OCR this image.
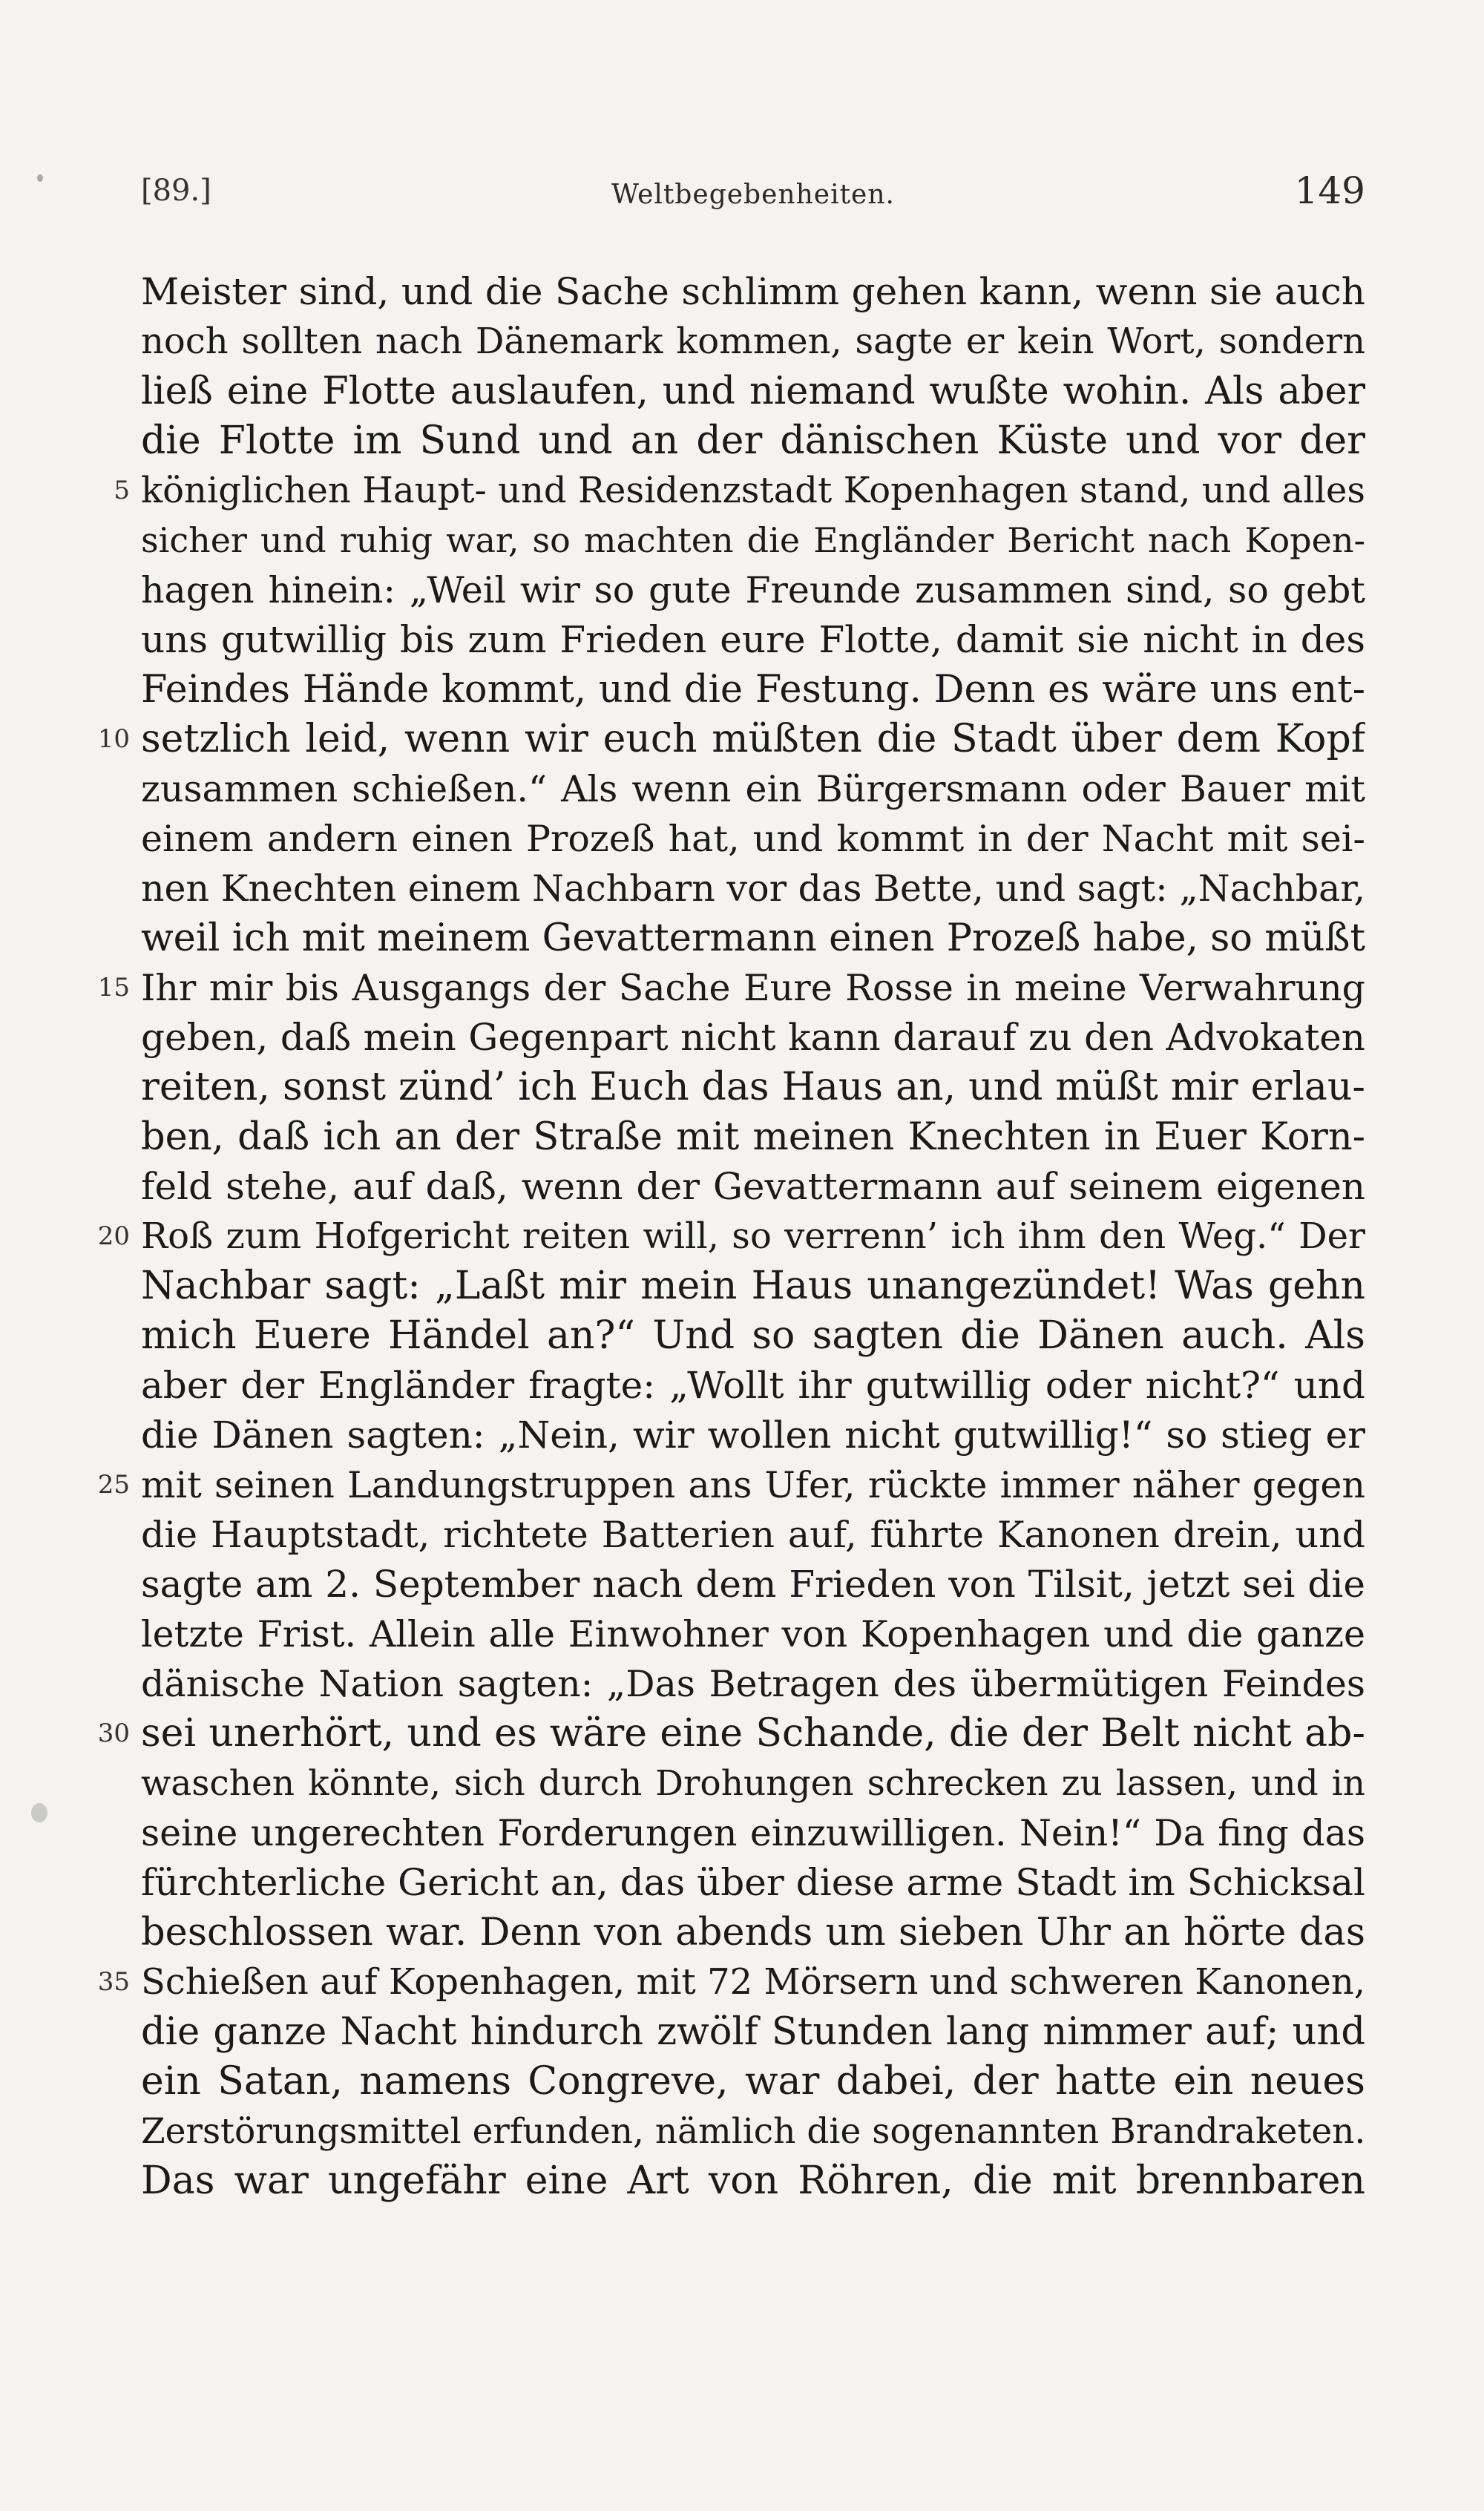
[89.]	Weltbegebenheiten.	149
Meister sind, und die Sache schlimm gehen kann, wenn sie auch
noch sollten nach Dänemark kommen, sagte er kein Wort, sondern
ließ eine Flotte auslaufen, und niemand wußte wohin. Als aber
die Flotte im Sund und an der dänischen Küste und vor der
5 königlichen Haupt- und Residenzstadt Kopenhagen stand, und alles
sicher und ruhig war, so machten die Engländer Bericht nach Kopen-
hagen hinein: „Weil wir so gute Freunde zusammen sind, so gebt
uns gutwillig bis zum Frieden eure Flotte, damit sie nicht in des
Feindes Hände kommt, und die Festung. Denn es wäre uns ent-
10 setzlich leid, wenn wir euch müßten die Stadt über dem Kopf
zusammen schießen.“ Als wenn ein Bürgersmann oder Bauer mit
einem andern einen Prozeß hat, und kommt in der Nacht mit sei-
nen Knechten einem Nachbarn vor das Bette, und sagt: „Nachbar,
weil ich mit meinem Gevattermann einen Prozeß habe, so müßt
15 Ihr mir bis Ausgangs der Sache Eure Rosse in meine Verwahrung
geben, daß mein Gegenpart nicht kann darauf zu den Advokaten
reiten, sonst zünd’ ich Euch das Haus an, und müßt mir erlau-
ben, daß ich an der Straße mit meinen Knechten in Euer Korn-
feld stehe, auf daß, wenn der Gevattermann auf seinem eigenen
20 Roß zum Hofgericht reiten will, so verrenn’ ich ihm den Weg.“ Der
Nachbar sagt: „Laßt mir mein Haus unangezündet! Was gehn
mich Euere Händel an?“ Und so sagten die Dänen auch. Als
aber der Engländer fragte: „Wollt ihr gutwillig oder nicht?“ und
die Dänen sagten: „Nein, wir wollen nicht gutwillig!“ so stieg er
25 mit seinen Landungstruppen ans Ufer, rückte immer näher gegen
die Hauptstadt, richtete Batterien auf, führte Kanonen drein, und
sagte am 2. September nach dem Frieden von Tilsit, jetzt sei die
letzte Frist. Allein alle Einwohner von Kopenhagen und die ganze
dänische Nation sagten: „Das Betragen des übermütigen Feindes
30 sei unerhört, und es wäre eine Schande, die der Belt nicht ab-
waschen könnte, sich durch Drohungen schrecken zu lassen, und in
seine ungerechten Forderungen einzuwilligen. Nein!“ Da fing das
fürchterliche Gericht an, das über diese arme Stadt im Schicksal
beschlossen war. Denn von abends um sieben Uhr an hörte das
35 Schießen auf Kopenhagen, mit 72 Mörsern und schweren Kanonen,
die ganze Nacht hindurch zwölf Stunden lang nimmer auf; und
ein Satan, namens Congreve, war dabei, der hatte ein neues
Zerstörungsmittel erfunden, nämlich die sogenannten Brandraketen.
Das war ungefähr eine Art von Röhren, die mit brennbaren
